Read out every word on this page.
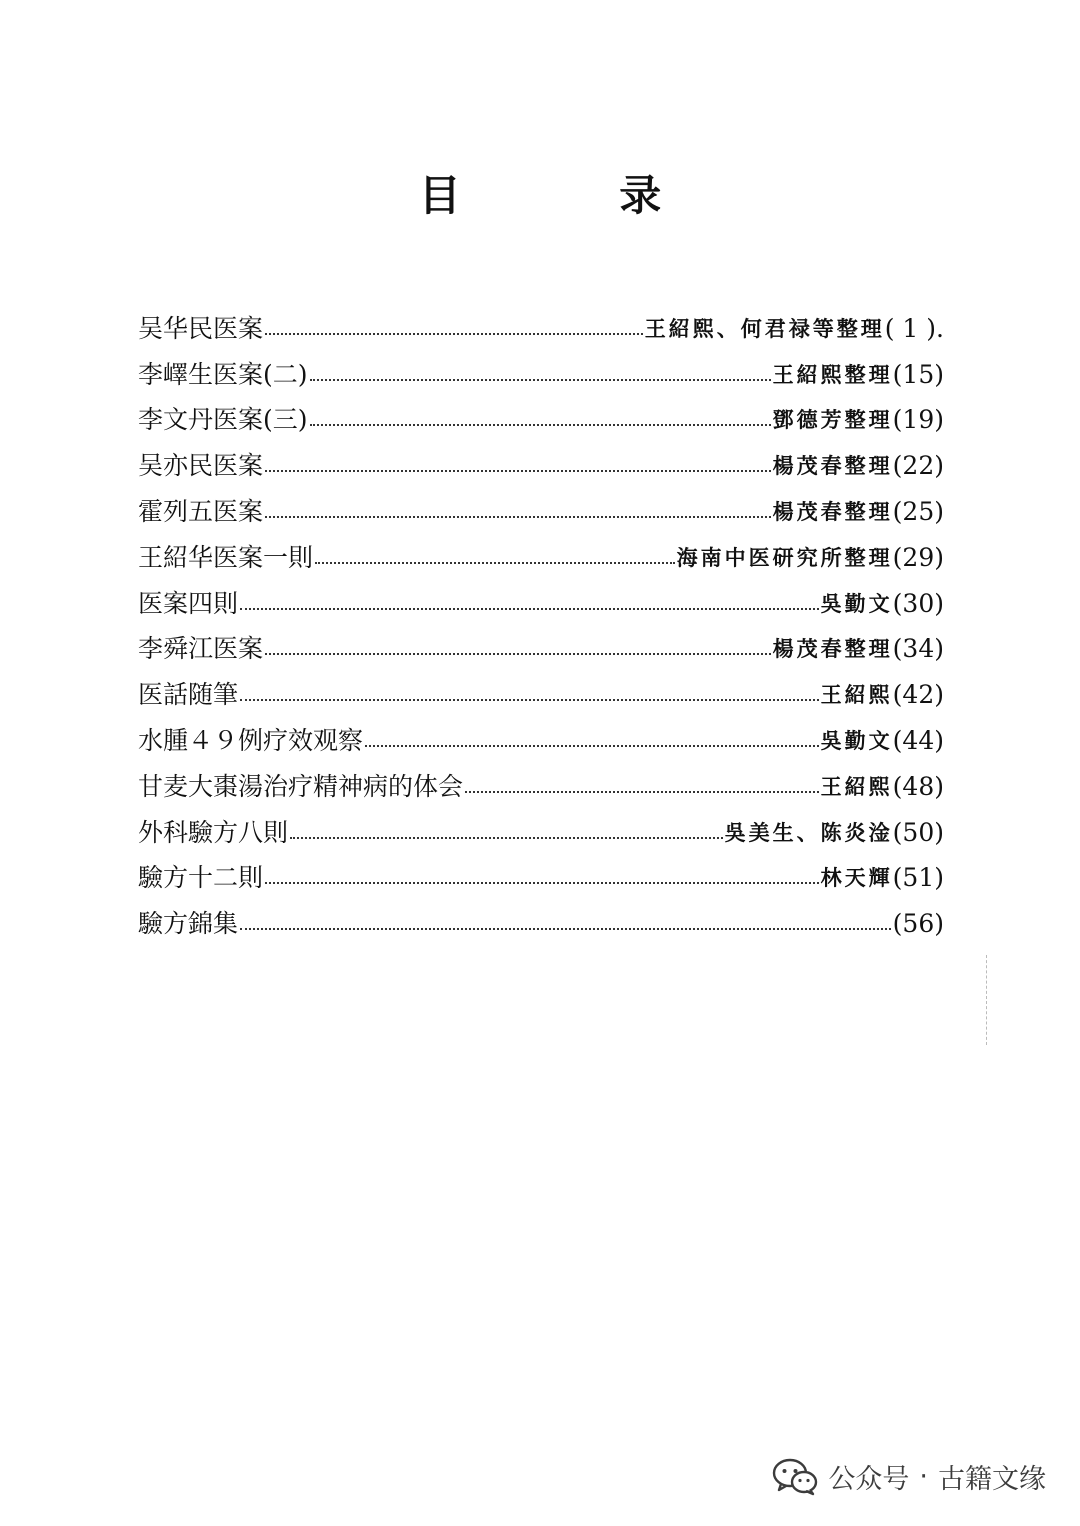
目 录
吴华民医案	王紹熙、何君禄等整理 ( 1 ).
李嶧生医案(二)	王紹熙整理 (15)
李文丹医案(三)	鄧德芳整理 (19)
吴亦民医案	楊茂春整理 (22)
霍列五医案	楊茂春整理 (25)
王紹华医案一則	海南中医研究所整理 (29)
医案四則	吳勤文 (30)
李舜江医案	楊茂春整理 (34)
医話随筆	王紹熙 (42)
水腫４９例疗效观察	吳勤文 (44)
甘麦大棗湯治疗精神病的体会	王紹熙 (48)
外科驗方八則	吳美生、陈炎淦 (50)
驗方十二則	林天輝 (51)
驗方錦集	(56)
公众号 · 古籍文缘
